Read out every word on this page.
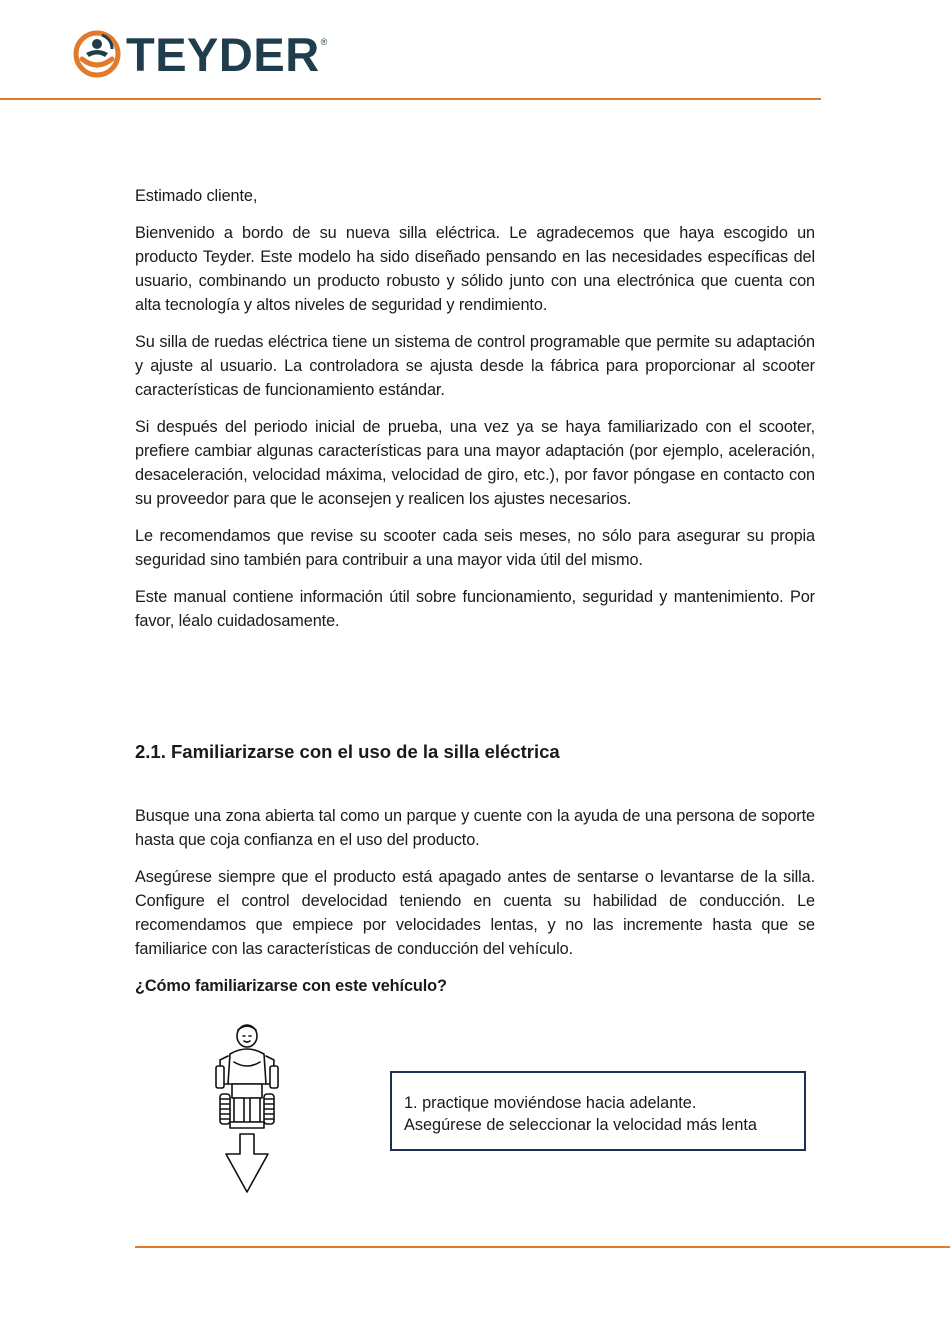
TEYDER ®

Estimado cliente,

Bienvenido a bordo de su nueva silla eléctrica. Le agradecemos que haya escogido un producto Teyder. Este modelo ha sido diseñado pensando en las necesidades específicas del usuario, combinando un producto robusto y sólido junto con una electrónica que cuenta con alta tecnología y altos niveles de seguridad y rendimiento.

Su silla de ruedas eléctrica tiene un sistema de control programable que permite su adaptación y ajuste al usuario. La controladora se ajusta desde la fábrica para proporcionar al scooter características de funcionamiento estándar.

Si después del periodo inicial de prueba, una vez ya se haya familiarizado con el scooter, prefiere cambiar algunas características para una mayor adaptación (por ejemplo, aceleración, desaceleración, velocidad máxima, velocidad de giro, etc.), por favor póngase en contacto con su proveedor para que le aconsejen y realicen los ajustes necesarios.

Le recomendamos que revise su scooter cada seis meses, no sólo para asegurar su propia seguridad sino también para contribuir a una mayor vida útil del mismo.

Este manual contiene información útil sobre funcionamiento, seguridad y mantenimiento. Por favor, léalo cuidadosamente.

2.1. Familiarizarse con el uso de la silla eléctrica

Busque una zona abierta tal como un parque y cuente con la ayuda de una persona de soporte hasta que coja confianza en el uso del producto.

Asegúrese siempre que el producto está apagado antes de sentarse o levantarse de la silla. Configure el control develocidad teniendo en cuenta su habilidad de conducción. Le recomendamos que empiece por velocidades lentas, y no las incremente hasta que se familiarice con las características de conducción del vehículo.

¿Cómo familiarizarse con este vehículo?

1. practique moviéndose hacia adelante.
Asegúrese de seleccionar la velocidad más lenta
